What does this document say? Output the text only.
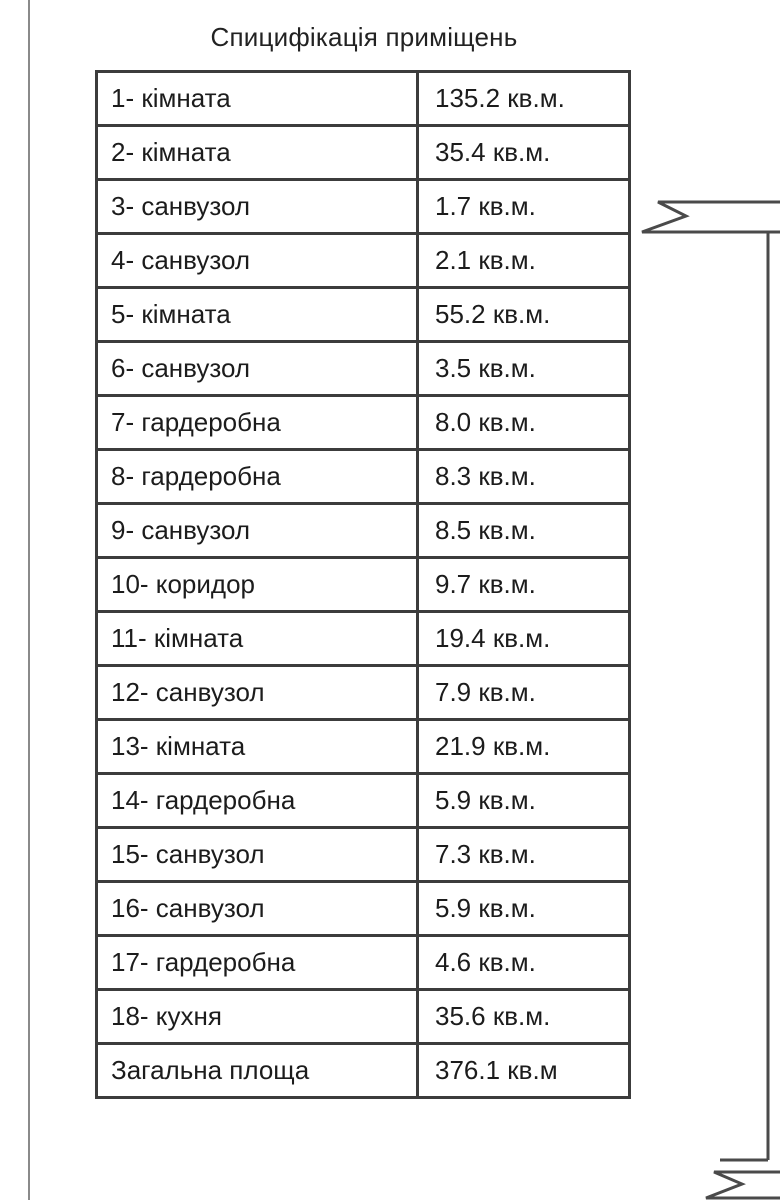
Спицифікація приміщень
1- кімната	135.2 кв.м.
2- кімната	35.4 кв.м.
3- санвузол	1.7 кв.м.
4- санвузол	2.1 кв.м.
5- кімната	55.2 кв.м.
6- санвузол	3.5 кв.м.
7- гардеробна	8.0 кв.м.
8- гардеробна	8.3 кв.м.
9- санвузол	8.5 кв.м.
10- коридор	9.7 кв.м.
11- кімната	19.4 кв.м.
12- санвузол	7.9 кв.м.
13- кімната	21.9 кв.м.
14- гардеробна	5.9 кв.м.
15- санвузол	7.3 кв.м.
16- санвузол	5.9 кв.м.
17- гардеробна	4.6 кв.м.
18- кухня	35.6 кв.м.
Загальна площа	376.1 кв.м
